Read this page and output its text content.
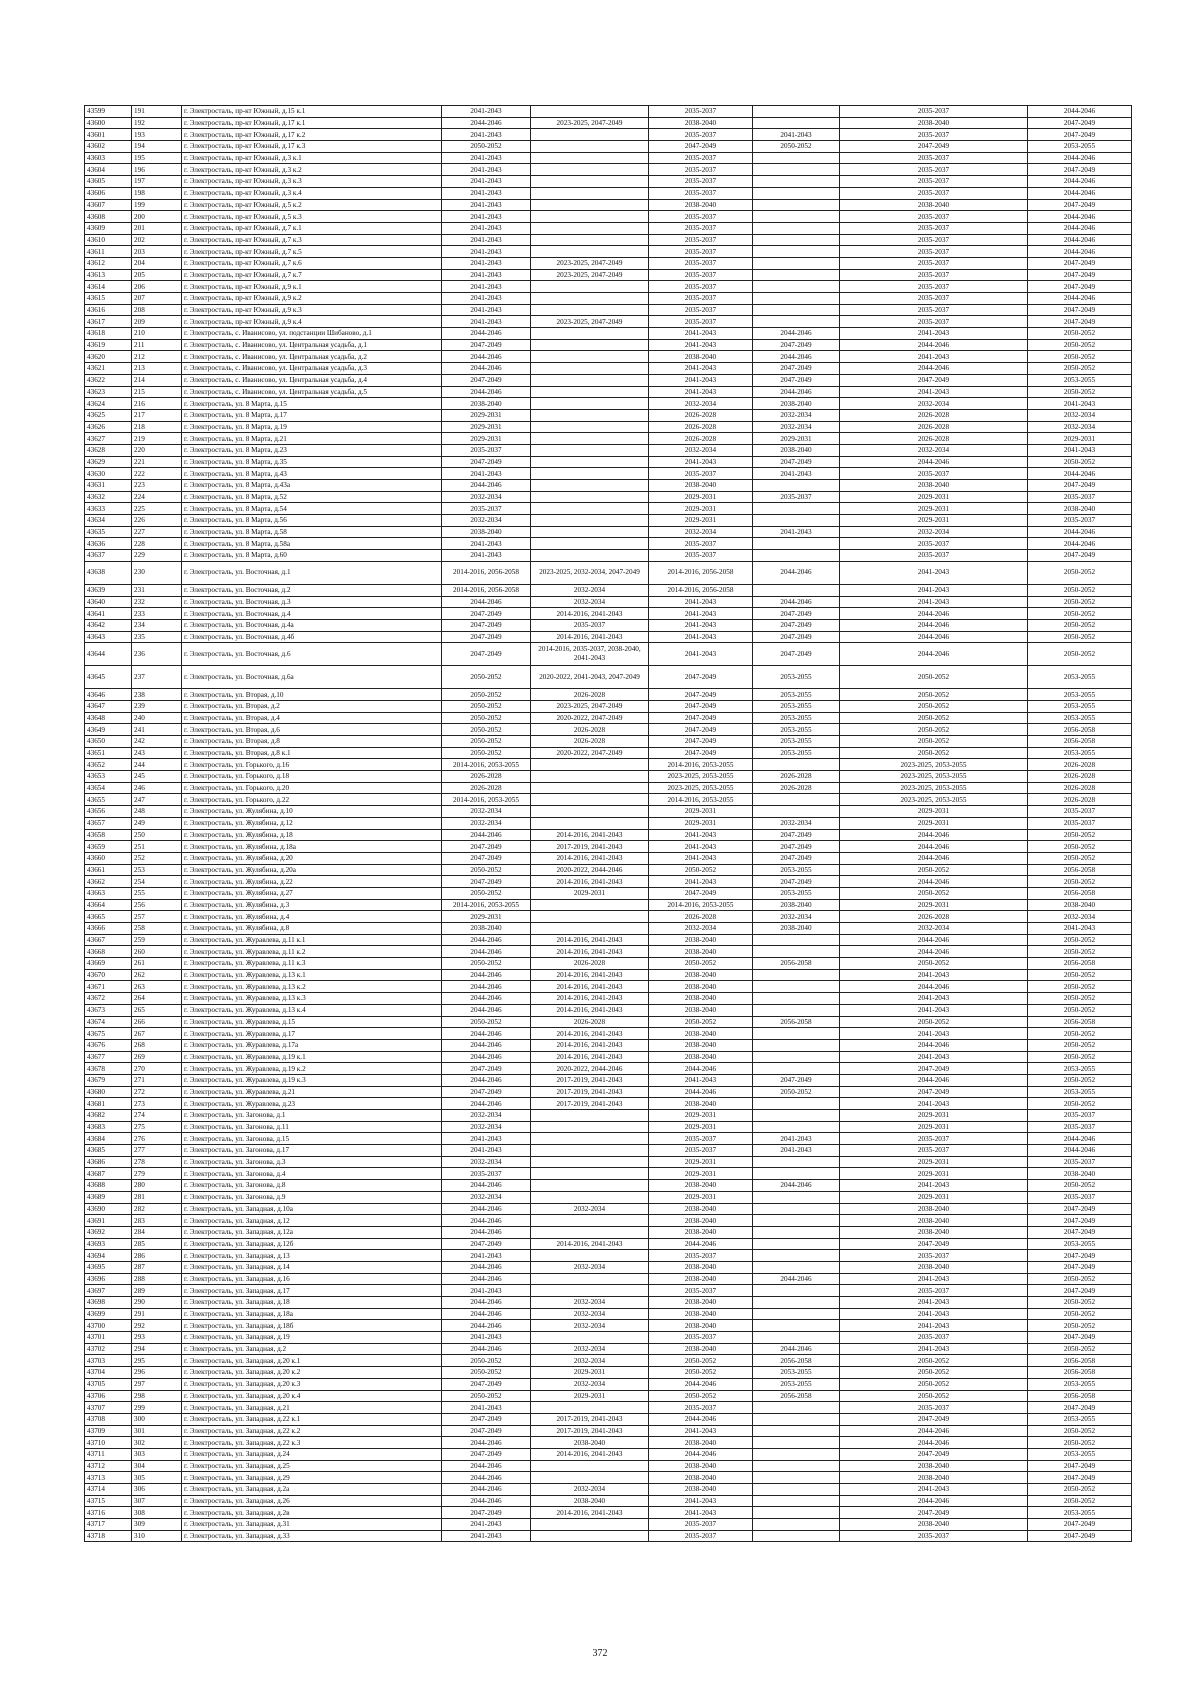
43599	191	г. Электросталь, пр-кт Южный, д.15 к.1	2041-2043		2035-2037		2035-2037	2044-2046
43600	192	г. Электросталь, пр-кт Южный, д.17 к.1	2044-2046	2023-2025, 2047-2049	2038-2040		2038-2040	2047-2049
43601	193	г. Электросталь, пр-кт Южный, д.17 к.2	2041-2043		2035-2037	2041-2043	2035-2037	2047-2049
43602	194	г. Электросталь, пр-кт Южный, д.17 к.3	2050-2052		2047-2049	2050-2052	2047-2049	2053-2055
43603	195	г. Электросталь, пр-кт Южный, д.3 к.1	2041-2043		2035-2037		2035-2037	2044-2046
43604	196	г. Электросталь, пр-кт Южный, д.3 к.2	2041-2043		2035-2037		2035-2037	2047-2049
43605	197	г. Электросталь, пр-кт Южный, д.3 к.3	2041-2043		2035-2037		2035-2037	2044-2046
43606	198	г. Электросталь, пр-кт Южный, д.3 к.4	2041-2043		2035-2037		2035-2037	2044-2046
43607	199	г. Электросталь, пр-кт Южный, д.5 к.2	2041-2043		2038-2040		2038-2040	2047-2049
43608	200	г. Электросталь, пр-кт Южный, д.5 к.3	2041-2043		2035-2037		2035-2037	2044-2046
43609	201	г. Электросталь, пр-кт Южный, д.7 к.1	2041-2043		2035-2037		2035-2037	2044-2046
43610	202	г. Электросталь, пр-кт Южный, д.7 к.3	2041-2043		2035-2037		2035-2037	2044-2046
43611	203	г. Электросталь, пр-кт Южный, д.7 к.5	2041-2043		2035-2037		2035-2037	2044-2046
43612	204	г. Электросталь, пр-кт Южный, д.7 к.6	2041-2043	2023-2025, 2047-2049	2035-2037		2035-2037	2047-2049
43613	205	г. Электросталь, пр-кт Южный, д.7 к.7	2041-2043	2023-2025, 2047-2049	2035-2037		2035-2037	2047-2049
43614	206	г. Электросталь, пр-кт Южный, д.9 к.1	2041-2043		2035-2037		2035-2037	2047-2049
43615	207	г. Электросталь, пр-кт Южный, д.9 к.2	2041-2043		2035-2037		2035-2037	2044-2046
43616	208	г. Электросталь, пр-кт Южный, д.9 к.3	2041-2043		2035-2037		2035-2037	2047-2049
43617	209	г. Электросталь, пр-кт Южный, д.9 к.4	2041-2043	2023-2025, 2047-2049	2035-2037		2035-2037	2047-2049
43618	210	г. Электросталь, с. Иванисово, ул. подстанции Шибаново, д.1	2044-2046		2041-2043	2044-2046	2041-2043	2050-2052
43619	211	г. Электросталь, с. Иванисово, ул. Центральная усадьба, д.1	2047-2049		2041-2043	2047-2049	2044-2046	2050-2052
43620	212	г. Электросталь, с. Иванисово, ул. Центральная усадьба, д.2	2044-2046		2038-2040	2044-2046	2041-2043	2050-2052
43621	213	г. Электросталь, с. Иванисово, ул. Центральная усадьба, д.3	2044-2046		2041-2043	2047-2049	2044-2046	2050-2052
43622	214	г. Электросталь, с. Иванисово, ул. Центральная усадьба, д.4	2047-2049		2041-2043	2047-2049	2047-2049	2053-2055
43623	215	г. Электросталь, с. Иванисово, ул. Центральная усадьба, д.5	2044-2046		2041-2043	2044-2046	2041-2043	2050-2052
43624	216	г. Электросталь, ул. 8 Марта, д.15	2038-2040		2032-2034	2038-2040	2032-2034	2041-2043
43625	217	г. Электросталь, ул. 8 Марта, д.17	2029-2031		2026-2028	2032-2034	2026-2028	2032-2034
43626	218	г. Электросталь, ул. 8 Марта, д.19	2029-2031		2026-2028	2032-2034	2026-2028	2032-2034
43627	219	г. Электросталь, ул. 8 Марта, д.21	2029-2031		2026-2028	2029-2031	2026-2028	2029-2031
43628	220	г. Электросталь, ул. 8 Марта, д.23	2035-2037		2032-2034	2038-2040	2032-2034	2041-2043
43629	221	г. Электросталь, ул. 8 Марта, д.35	2047-2049		2041-2043	2047-2049	2044-2046	2050-2052
43630	222	г. Электросталь, ул. 8 Марта, д.43	2041-2043		2035-2037	2041-2043	2035-2037	2044-2046
43631	223	г. Электросталь, ул. 8 Марта, д.43а	2044-2046		2038-2040		2038-2040	2047-2049
43632	224	г. Электросталь, ул. 8 Марта, д.52	2032-2034		2029-2031	2035-2037	2029-2031	2035-2037
43633	225	г. Электросталь, ул. 8 Марта, д.54	2035-2037		2029-2031		2029-2031	2038-2040
43634	226	г. Электросталь, ул. 8 Марта, д.56	2032-2034		2029-2031		2029-2031	2035-2037
43635	227	г. Электросталь, ул. 8 Марта, д.58	2038-2040		2032-2034	2041-2043	2032-2034	2044-2046
43636	228	г. Электросталь, ул. 8 Марта, д.58а	2041-2043		2035-2037		2035-2037	2044-2046
43637	229	г. Электросталь, ул. 8 Марта, д.60	2041-2043		2035-2037		2035-2037	2047-2049
43638	230	г. Электросталь, ул. Восточная, д.1	2014-2016, 2056-2058	2023-2025, 2032-2034, 2047-2049	2014-2016, 2056-2058	2044-2046	2041-2043	2050-2052
43639	231	г. Электросталь, ул. Восточная, д.2	2014-2016, 2056-2058	2032-2034	2014-2016, 2056-2058		2041-2043	2050-2052
43640	232	г. Электросталь, ул. Восточная, д.3	2044-2046	2032-2034	2041-2043	2044-2046	2041-2043	2050-2052
43641	233	г. Электросталь, ул. Восточная, д.4	2047-2049	2014-2016, 2041-2043	2041-2043	2047-2049	2044-2046	2050-2052
43642	234	г. Электросталь, ул. Восточная, д.4а	2047-2049	2035-2037	2041-2043	2047-2049	2044-2046	2050-2052
43643	235	г. Электросталь, ул. Восточная, д.4б	2047-2049	2014-2016, 2041-2043	2041-2043	2047-2049	2044-2046	2050-2052
43644	236	г. Электросталь, ул. Восточная, д.6	2047-2049	2014-2016, 2035-2037, 2038-2040, 2041-2043	2041-2043	2047-2049	2044-2046	2050-2052
43645	237	г. Электросталь, ул. Восточная, д.6а	2050-2052	2020-2022, 2041-2043, 2047-2049	2047-2049	2053-2055	2050-2052	2053-2055
43646	238	г. Электросталь, ул. Вторая, д.10	2050-2052	2026-2028	2047-2049	2053-2055	2050-2052	2053-2055
43647	239	г. Электросталь, ул. Вторая, д.2	2050-2052	2023-2025, 2047-2049	2047-2049	2053-2055	2050-2052	2053-2055
43648	240	г. Электросталь, ул. Вторая, д.4	2050-2052	2020-2022, 2047-2049	2047-2049	2053-2055	2050-2052	2053-2055
43649	241	г. Электросталь, ул. Вторая, д.6	2050-2052	2026-2028	2047-2049	2053-2055	2050-2052	2056-2058
43650	242	г. Электросталь, ул. Вторая, д.8	2050-2052	2026-2028	2047-2049	2053-2055	2050-2052	2056-2058
43651	243	г. Электросталь, ул. Вторая, д.8 к.1	2050-2052	2020-2022, 2047-2049	2047-2049	2053-2055	2050-2052	2053-2055
43652	244	г. Электросталь, ул. Горького, д.16	2014-2016, 2053-2055		2014-2016, 2053-2055		2023-2025, 2053-2055	2026-2028
43653	245	г. Электросталь, ул. Горького, д.18	2026-2028		2023-2025, 2053-2055	2026-2028	2023-2025, 2053-2055	2026-2028
43654	246	г. Электросталь, ул. Горького, д.20	2026-2028		2023-2025, 2053-2055	2026-2028	2023-2025, 2053-2055	2026-2028
43655	247	г. Электросталь, ул. Горького, д.22	2014-2016, 2053-2055		2014-2016, 2053-2055		2023-2025, 2053-2055	2026-2028
43656	248	г. Электросталь, ул. Жулябина, д.10	2032-2034		2029-2031		2029-2031	2035-2037
43657	249	г. Электросталь, ул. Жулябина, д.12	2032-2034		2029-2031	2032-2034	2029-2031	2035-2037
43658	250	г. Электросталь, ул. Жулябина, д.18	2044-2046	2014-2016, 2041-2043	2041-2043	2047-2049	2044-2046	2050-2052
43659	251	г. Электросталь, ул. Жулябина, д.18а	2047-2049	2017-2019, 2041-2043	2041-2043	2047-2049	2044-2046	2050-2052
43660	252	г. Электросталь, ул. Жулябина, д.20	2047-2049	2014-2016, 2041-2043	2041-2043	2047-2049	2044-2046	2050-2052
43661	253	г. Электросталь, ул. Жулябина, д.20а	2050-2052	2020-2022, 2044-2046	2050-2052	2053-2055	2050-2052	2056-2058
43662	254	г. Электросталь, ул. Жулябина, д.22	2047-2049	2014-2016, 2041-2043	2041-2043	2047-2049	2044-2046	2050-2052
43663	255	г. Электросталь, ул. Жулябина, д.27	2050-2052	2029-2031	2047-2049	2053-2055	2050-2052	2056-2058
43664	256	г. Электросталь, ул. Жулябина, д.3	2014-2016, 2053-2055		2014-2016, 2053-2055	2038-2040	2029-2031	2038-2040
43665	257	г. Электросталь, ул. Жулябина, д.4	2029-2031		2026-2028	2032-2034	2026-2028	2032-2034
43666	258	г. Электросталь, ул. Жулябина, д.8	2038-2040		2032-2034	2038-2040	2032-2034	2041-2043
43667	259	г. Электросталь, ул. Журавлева, д.11 к.1	2044-2046	2014-2016, 2041-2043	2038-2040		2044-2046	2050-2052
43668	260	г. Электросталь, ул. Журавлева, д.11 к.2	2044-2046	2014-2016, 2041-2043	2038-2040		2044-2046	2050-2052
43669	261	г. Электросталь, ул. Журавлева, д.11 к.3	2050-2052	2026-2028	2050-2052	2056-2058	2050-2052	2056-2058
43670	262	г. Электросталь, ул. Журавлева, д.13 к.1	2044-2046	2014-2016, 2041-2043	2038-2040		2041-2043	2050-2052
43671	263	г. Электросталь, ул. Журавлева, д.13 к.2	2044-2046	2014-2016, 2041-2043	2038-2040		2044-2046	2050-2052
43672	264	г. Электросталь, ул. Журавлева, д.13 к.3	2044-2046	2014-2016, 2041-2043	2038-2040		2041-2043	2050-2052
43673	265	г. Электросталь, ул. Журавлева, д.13 к.4	2044-2046	2014-2016, 2041-2043	2038-2040		2041-2043	2050-2052
43674	266	г. Электросталь, ул. Журавлева, д.15	2050-2052	2026-2028	2050-2052	2056-2058	2050-2052	2056-2058
43675	267	г. Электросталь, ул. Журавлева, д.17	2044-2046	2014-2016, 2041-2043	2038-2040		2041-2043	2050-2052
43676	268	г. Электросталь, ул. Журавлева, д.17а	2044-2046	2014-2016, 2041-2043	2038-2040		2044-2046	2050-2052
43677	269	г. Электросталь, ул. Журавлева, д.19 к.1	2044-2046	2014-2016, 2041-2043	2038-2040		2041-2043	2050-2052
43678	270	г. Электросталь, ул. Журавлева, д.19 к.2	2047-2049	2020-2022, 2044-2046	2044-2046		2047-2049	2053-2055
43679	271	г. Электросталь, ул. Журавлева, д.19 к.3	2044-2046	2017-2019, 2041-2043	2041-2043	2047-2049	2044-2046	2050-2052
43680	272	г. Электросталь, ул. Журавлева, д.21	2047-2049	2017-2019, 2041-2043	2044-2046	2050-2052	2047-2049	2053-2055
43681	273	г. Электросталь, ул. Журавлева, д.23	2044-2046	2017-2019, 2041-2043	2038-2040		2041-2043	2050-2052
43682	274	г. Электросталь, ул. Загонова, д.1	2032-2034		2029-2031		2029-2031	2035-2037
43683	275	г. Электросталь, ул. Загонова, д.11	2032-2034		2029-2031		2029-2031	2035-2037
43684	276	г. Электросталь, ул. Загонова, д.15	2041-2043		2035-2037	2041-2043	2035-2037	2044-2046
43685	277	г. Электросталь, ул. Загонова, д.17	2041-2043		2035-2037	2041-2043	2035-2037	2044-2046
43686	278	г. Электросталь, ул. Загонова, д.3	2032-2034		2029-2031		2029-2031	2035-2037
43687	279	г. Электросталь, ул. Загонова, д.4	2035-2037		2029-2031		2029-2031	2038-2040
43688	280	г. Электросталь, ул. Загонова, д.8	2044-2046		2038-2040	2044-2046	2041-2043	2050-2052
43689	281	г. Электросталь, ул. Загонова, д.9	2032-2034		2029-2031		2029-2031	2035-2037
43690	282	г. Электросталь, ул. Западная, д.10а	2044-2046	2032-2034	2038-2040		2038-2040	2047-2049
43691	283	г. Электросталь, ул. Западная, д.12	2044-2046		2038-2040		2038-2040	2047-2049
43692	284	г. Электросталь, ул. Западная, д.12а	2044-2046		2038-2040		2038-2040	2047-2049
43693	285	г. Электросталь, ул. Западная, д.12б	2047-2049	2014-2016, 2041-2043	2044-2046		2047-2049	2053-2055
43694	286	г. Электросталь, ул. Западная, д.13	2041-2043		2035-2037		2035-2037	2047-2049
43695	287	г. Электросталь, ул. Западная, д.14	2044-2046	2032-2034	2038-2040		2038-2040	2047-2049
43696	288	г. Электросталь, ул. Западная, д.16	2044-2046		2038-2040	2044-2046	2041-2043	2050-2052
43697	289	г. Электросталь, ул. Западная, д.17	2041-2043		2035-2037		2035-2037	2047-2049
43698	290	г. Электросталь, ул. Западная, д.18	2044-2046	2032-2034	2038-2040		2041-2043	2050-2052
43699	291	г. Электросталь, ул. Западная, д.18а	2044-2046	2032-2034	2038-2040		2041-2043	2050-2052
43700	292	г. Электросталь, ул. Западная, д.18б	2044-2046	2032-2034	2038-2040		2041-2043	2050-2052
43701	293	г. Электросталь, ул. Западная, д.19	2041-2043		2035-2037		2035-2037	2047-2049
43702	294	г. Электросталь, ул. Западная, д.2	2044-2046	2032-2034	2038-2040	2044-2046	2041-2043	2050-2052
43703	295	г. Электросталь, ул. Западная, д.20 к.1	2050-2052	2032-2034	2050-2052	2056-2058	2050-2052	2056-2058
43704	296	г. Электросталь, ул. Западная, д.20 к.2	2050-2052	2029-2031	2050-2052	2053-2055	2050-2052	2056-2058
43705	297	г. Электросталь, ул. Западная, д.20 к.3	2047-2049	2032-2034	2044-2046	2053-2055	2050-2052	2053-2055
43706	298	г. Электросталь, ул. Западная, д.20 к.4	2050-2052	2029-2031	2050-2052	2056-2058	2050-2052	2056-2058
43707	299	г. Электросталь, ул. Западная, д.21	2041-2043		2035-2037		2035-2037	2047-2049
43708	300	г. Электросталь, ул. Западная, д.22 к.1	2047-2049	2017-2019, 2041-2043	2044-2046		2047-2049	2053-2055
43709	301	г. Электросталь, ул. Западная, д.22 к.2	2047-2049	2017-2019, 2041-2043	2041-2043		2044-2046	2050-2052
43710	302	г. Электросталь, ул. Западная, д.22 к.3	2044-2046	2038-2040	2038-2040		2044-2046	2050-2052
43711	303	г. Электросталь, ул. Западная, д.24	2047-2049	2014-2016, 2041-2043	2044-2046		2047-2049	2053-2055
43712	304	г. Электросталь, ул. Западная, д.25	2044-2046		2038-2040		2038-2040	2047-2049
43713	305	г. Электросталь, ул. Западная, д.29	2044-2046		2038-2040		2038-2040	2047-2049
43714	306	г. Электросталь, ул. Западная, д.2а	2044-2046	2032-2034	2038-2040		2041-2043	2050-2052
43715	307	г. Электросталь, ул. Западная, д.26	2044-2046	2038-2040	2041-2043		2044-2046	2050-2052
43716	308	г. Электросталь, ул. Западная, д.2в	2047-2049	2014-2016, 2041-2043	2041-2043		2047-2049	2053-2055
43717	309	г. Электросталь, ул. Западная, д.31	2041-2043		2035-2037		2038-2040	2047-2049
43718	310	г. Электросталь, ул. Западная, д.33	2041-2043		2035-2037		2035-2037	2047-2049
372
